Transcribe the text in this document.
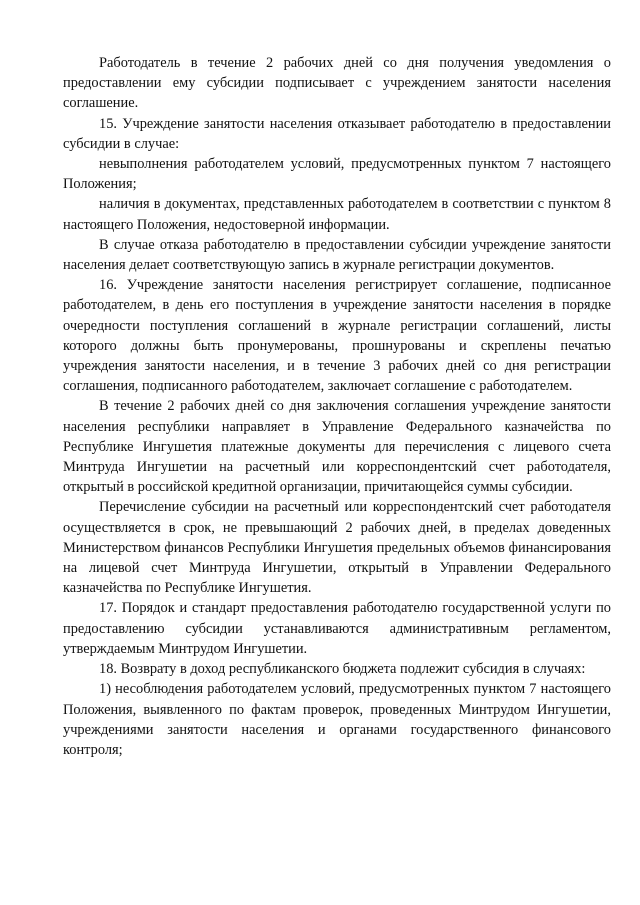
Работодатель в течение 2 рабочих дней со дня получения уведомления о предоставлении ему субсидии подписывает с учреждением занятости населения соглашение.

15. Учреждение занятости населения отказывает работодателю в предоставлении субсидии в случае:

невыполнения работодателем условий, предусмотренных пунктом 7 настоящего Положения;

наличия в документах, представленных работодателем в соответствии с пунктом 8 настоящего Положения, недостоверной информации.

В случае отказа работодателю в предоставлении субсидии учреждение занятости населения делает соответствующую запись в журнале регистрации документов.

16. Учреждение занятости населения регистрирует соглашение, подписанное работодателем, в день его поступления в учреждение занятости населения в порядке очередности поступления соглашений в журнале регистрации соглашений, листы которого должны быть пронумерованы, прошнурованы и скреплены печатью учреждения занятости населения, и в течение 3 рабочих дней со дня регистрации соглашения, подписанного работодателем, заключает соглашение с работодателем.

В течение 2 рабочих дней со дня заключения соглашения учреждение занятости населения республики направляет в Управление Федерального казначейства по Республике Ингушетия платежные документы для перечисления с лицевого счета Минтруда Ингушетии на расчетный или корреспондентский счет работодателя, открытый в российской кредитной организации, причитающейся суммы субсидии.

Перечисление субсидии на расчетный или корреспондентский счет работодателя осуществляется в срок, не превышающий 2 рабочих дней, в пределах доведенных Министерством финансов Республики Ингушетия предельных объемов финансирования на лицевой счет Минтруда Ингушетии, открытый в Управлении Федерального казначейства по Республике Ингушетия.

17. Порядок и стандарт предоставления работодателю государственной услуги по предоставлению субсидии устанавливаются административным регламентом, утверждаемым Минтрудом Ингушетии.

18. Возврату в доход республиканского бюджета подлежит субсидия в случаях:

1) несоблюдения работодателем условий, предусмотренных пунктом 7 настоящего Положения, выявленного по фактам проверок, проведенных Минтрудом Ингушетии, учреждениями занятости населения и органами государственного финансового контроля;
